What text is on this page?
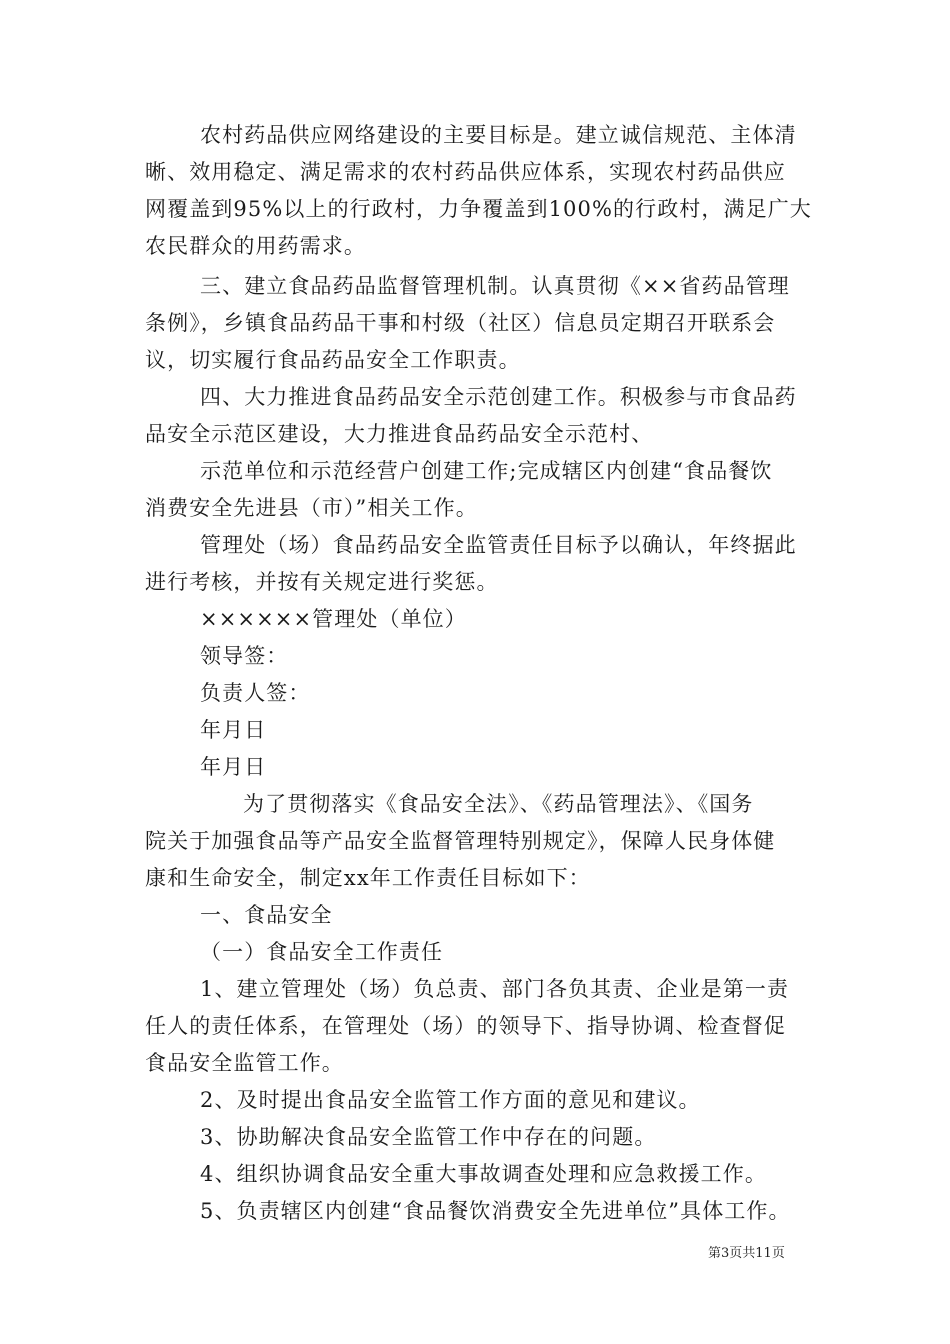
农村药品供应网络建设的主要目标是。建立诚信规范、主体清
晰、效用稳定、满足需求的农村药品供应体系，实现农村药品供应
网覆盖到95%以上的行政村，力争覆盖到100%的行政村，满足广大
农民群众的用药需求。
三、建立食品药品监督管理机制。认真贯彻《××省药品管理
条例》，乡镇食品药品干事和村级（社区）信息员定期召开联系会
议，切实履行食品药品安全工作职责。
四、大力推进食品药品安全示范创建工作。积极参与市食品药
品安全示范区建设，大力推进食品药品安全示范村、
示范单位和示范经营户创建工作;完成辖区内创建“食品餐饮
消费安全先进县（市）”相关工作。
管理处（场）食品药品安全监管责任目标予以确认，年终据此
进行考核，并按有关规定进行奖惩。
××××××管理处（单位）
领导签：
负责人签：
年月日
年月日
为了贯彻落实《食品安全法》、《药品管理法》、《国务
院关于加强食品等产品安全监督管理特别规定》，保障人民身体健
康和生命安全，制定xx年工作责任目标如下：
一、食品安全
（一）食品安全工作责任
1、建立管理处（场）负总责、部门各负其责、企业是第一责
任人的责任体系，在管理处（场）的领导下、指导协调、检查督促
食品安全监管工作。
2、及时提出食品安全监管工作方面的意见和建议。
3、协助解决食品安全监管工作中存在的问题。
4、组织协调食品安全重大事故调查处理和应急救援工作。
5、负责辖区内创建“食品餐饮消费安全先进单位”具体工作。
第3页共11页
